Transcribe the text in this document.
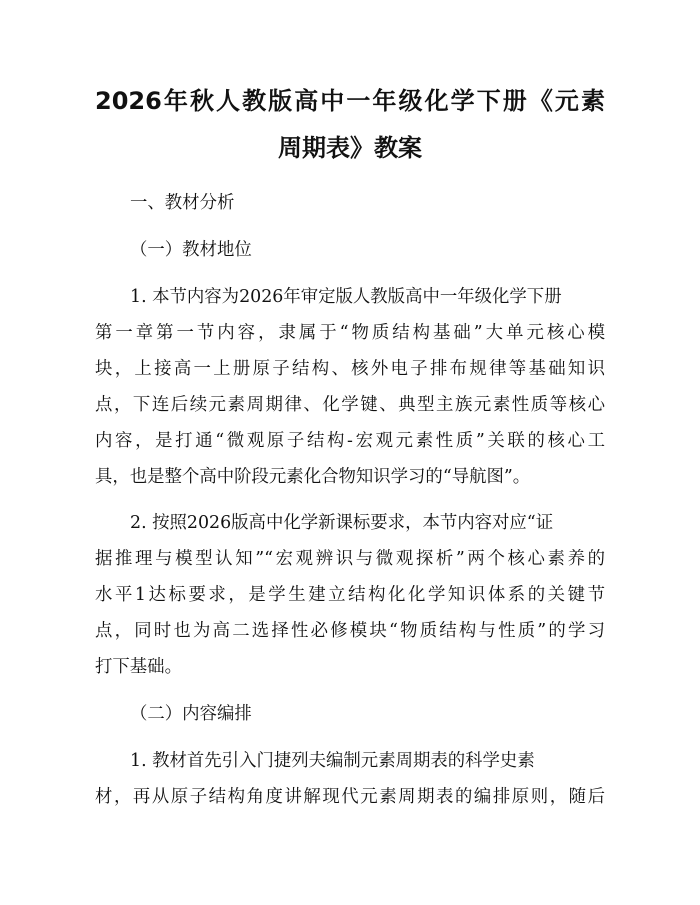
2026年秋人教版高中一年级化学下册《元素
周期表》教案

一、教材分析

（一）教材地位

1. 本节内容为2026年审定版人教版高中一年级化学下册

第一章第一节内容，隶属于“物质结构基础”大单元核心模

块，上接高一上册原子结构、核外电子排布规律等基础知识

点，下连后续元素周期律、化学键、典型主族元素性质等核心

内容，是打通“微观原子结构-宏观元素性质”关联的核心工

具，也是整个高中阶段元素化合物知识学习的“导航图”。

2. 按照2026版高中化学新课标要求，本节内容对应“证

据推理与模型认知”“宏观辨识与微观探析”两个核心素养的

水平1达标要求，是学生建立结构化化学知识体系的关键节

点，同时也为高二选择性必修模块“物质结构与性质”的学习

打下基础。

（二）内容编排

1. 教材首先引入门捷列夫编制元素周期表的科学史素

材，再从原子结构角度讲解现代元素周期表的编排原则，随后
